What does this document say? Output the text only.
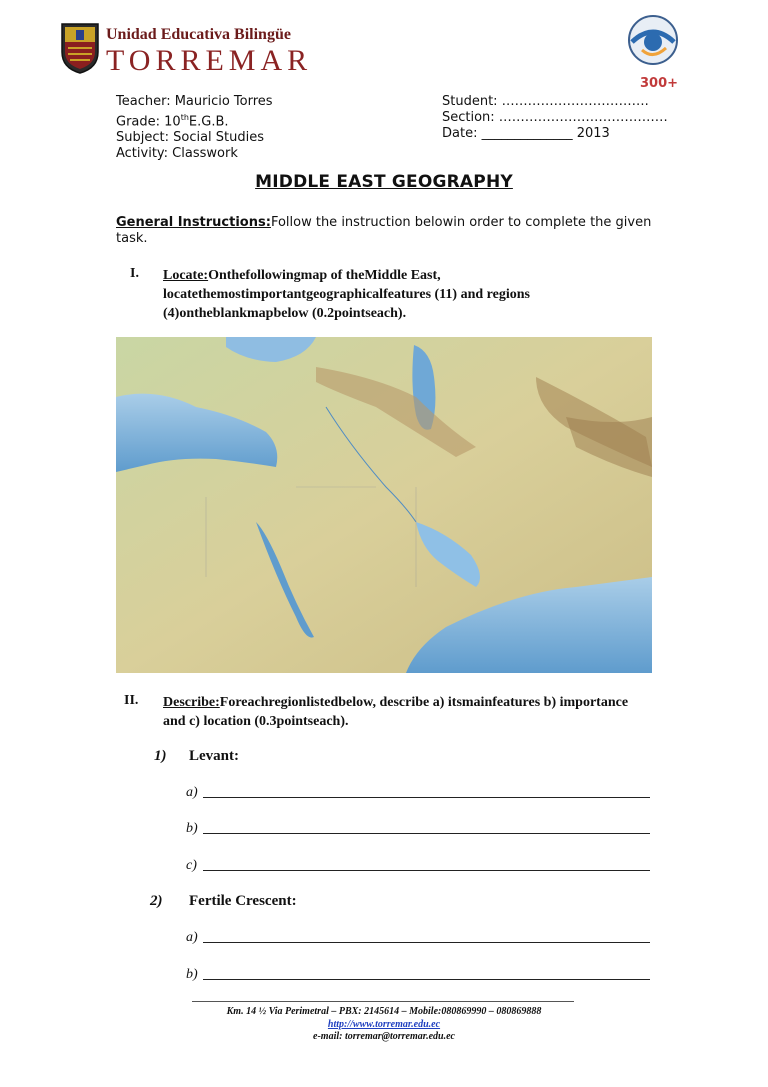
Unidad Educativa Bilingüe
TORREMAR
300+
Teacher: Mauricio Torres
Grade: 10thE.G.B.
Subject: Social Studies
Activity: Classwork
Student: …………………………….
Section: …………………………………
Date: ______________ 2013
MIDDLE EAST GEOGRAPHY
General Instructions:Follow the instruction belowin order to complete the given task.
I. Locate:Onthefollowingmap of theMiddle East, locatethemostimportantgeographicalfeatures (11) and regions (4)ontheblankmapbelow (0.2pointseach).
II. Describe:Foreachregionlistedbelow, describe a) itsmainfeatures b) importance and c) location (0.3pointseach).
1) Levant:
a)
b)
c)
2) Fertile Crescent:
a)
b)
Km. 14 ½ Via Perimetral – PBX: 2145614 – Mobile:080869990 – 080869888
http://www.torremar.edu.ec
e-mail: torremar@torremar.edu.ec
